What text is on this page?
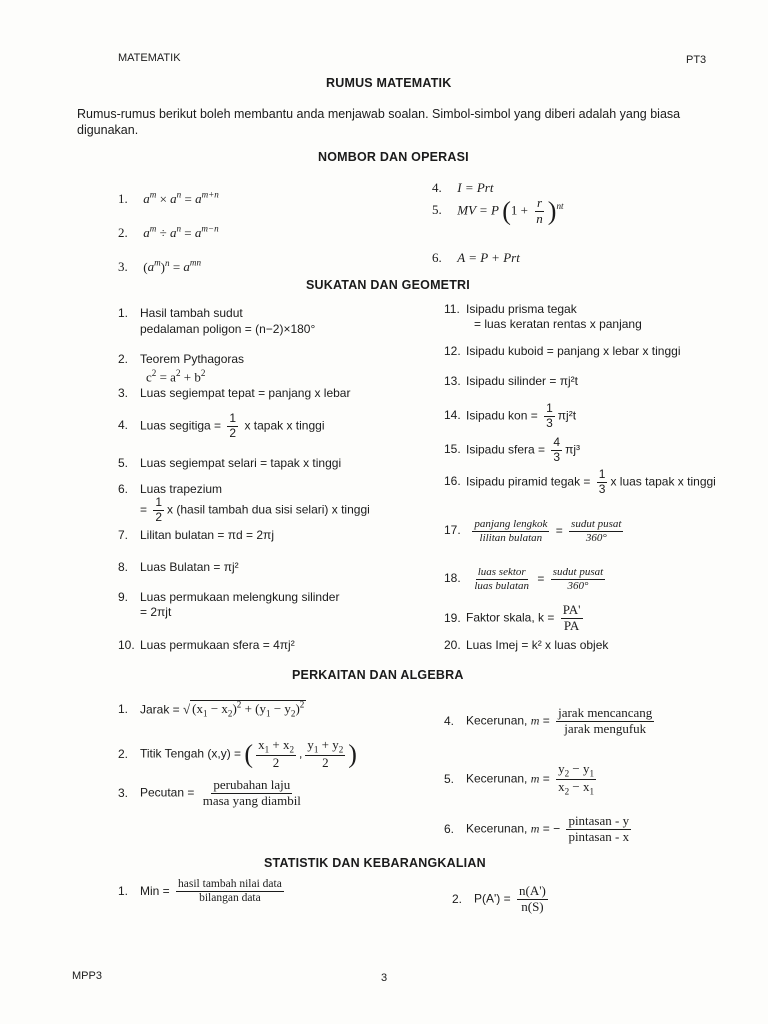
MATEMATIK	PT3
RUMUS MATEMATIK
Rumus-rumus berikut boleh membantu anda menjawab soalan. Simbol-simbol yang diberi adalah yang biasa digunakan.
NOMBOR DAN OPERASI
1. $a^m \times a^n = a^{m+n}$
2. $a^m \div a^n = a^{m-n}$
3. $(a^m)^n = a^{mn}$
4. I = Prt
5. MV = P $(1 + \frac{r}{n} )^{nt}$
6. A = P + Prt
SUKATAN DAN GEOMETRI
1. Hasil tambah sudut
pedalaman poligon = (n−2)×180°
2. Teorem Pythagoras
$c^2 = a^2 + b^2$
3. Luas segiempat tepat = panjang x lebar
4. Luas segitiga = $\frac{1}{2}$ x tapak x tinggi
5. Luas segiempat selari = tapak x tinggi
6. Luas trapezium
= $\frac{1}{2}$ x (hasil tambah dua sisi selari) x tinggi
7. Lilitan bulatan = πd = 2πj
8. Luas Bulatan = πj²
9. Luas permukaan melengkung silinder
= 2πjt
10. Luas permukaan sfera = 4πj²
11. Isipadu prisma tegak
= luas keratan rentas x panjang
12. Isipadu kuboid = panjang x lebar x tinggi
13. Isipadu silinder = πj²t
14. Isipadu kon = $\frac{1}{3} \pi j^2t$
15. Isipadu sfera = $\frac{4}{3} \pi j^3$
16. Isipadu piramid tegak = $\frac{1}{3}$ x luas tapak x tinggi
17. $\frac{\text{panjang lengkok}}{\text{lilitan bulatan}} = \frac{\text{sudut pusat}}{360^\circ}$
18. $\frac{\text{luas sektor}}{\text{luas bulatan}} = \frac{\text{sudut pusat}}{360^\circ}$
19. Faktor skala, $k = \frac{PA'}{PA}$
20. Luas Imej = k² x luas objek
PERKAITAN DAN ALGEBRA
1. Jarak = √ $(x_1 - x_2)^2 + (y_1 - y_2)^2$
2. Titik Tengah (x,y) = ( $\frac{x_1 + x_2}{2}$ , $\frac{y_1 + y_2}{2}$ )
3. Pecutan = $\frac{\text{perubahan laju}}{\text{masa yang diambil}}$
4. Kecerunan, $m = \frac{\text{jarak mencancang}}{\text{jarak mengufuk}}$
5. Kecerunan, $m = \frac{y_2 - y_1}{x_2 - x_1}$
6. Kecerunan, m = − $\frac{\text{pintasan - y}}{\text{pintasan - x}}$
STATISTIK DAN KEBARANGKALIAN
1. Min = $\frac{\text{hasil tambah nilai data}}{\text{bilangan data}}$	2. $P(A') = \frac{n(A')}{n(S)}$
MPP3	3
